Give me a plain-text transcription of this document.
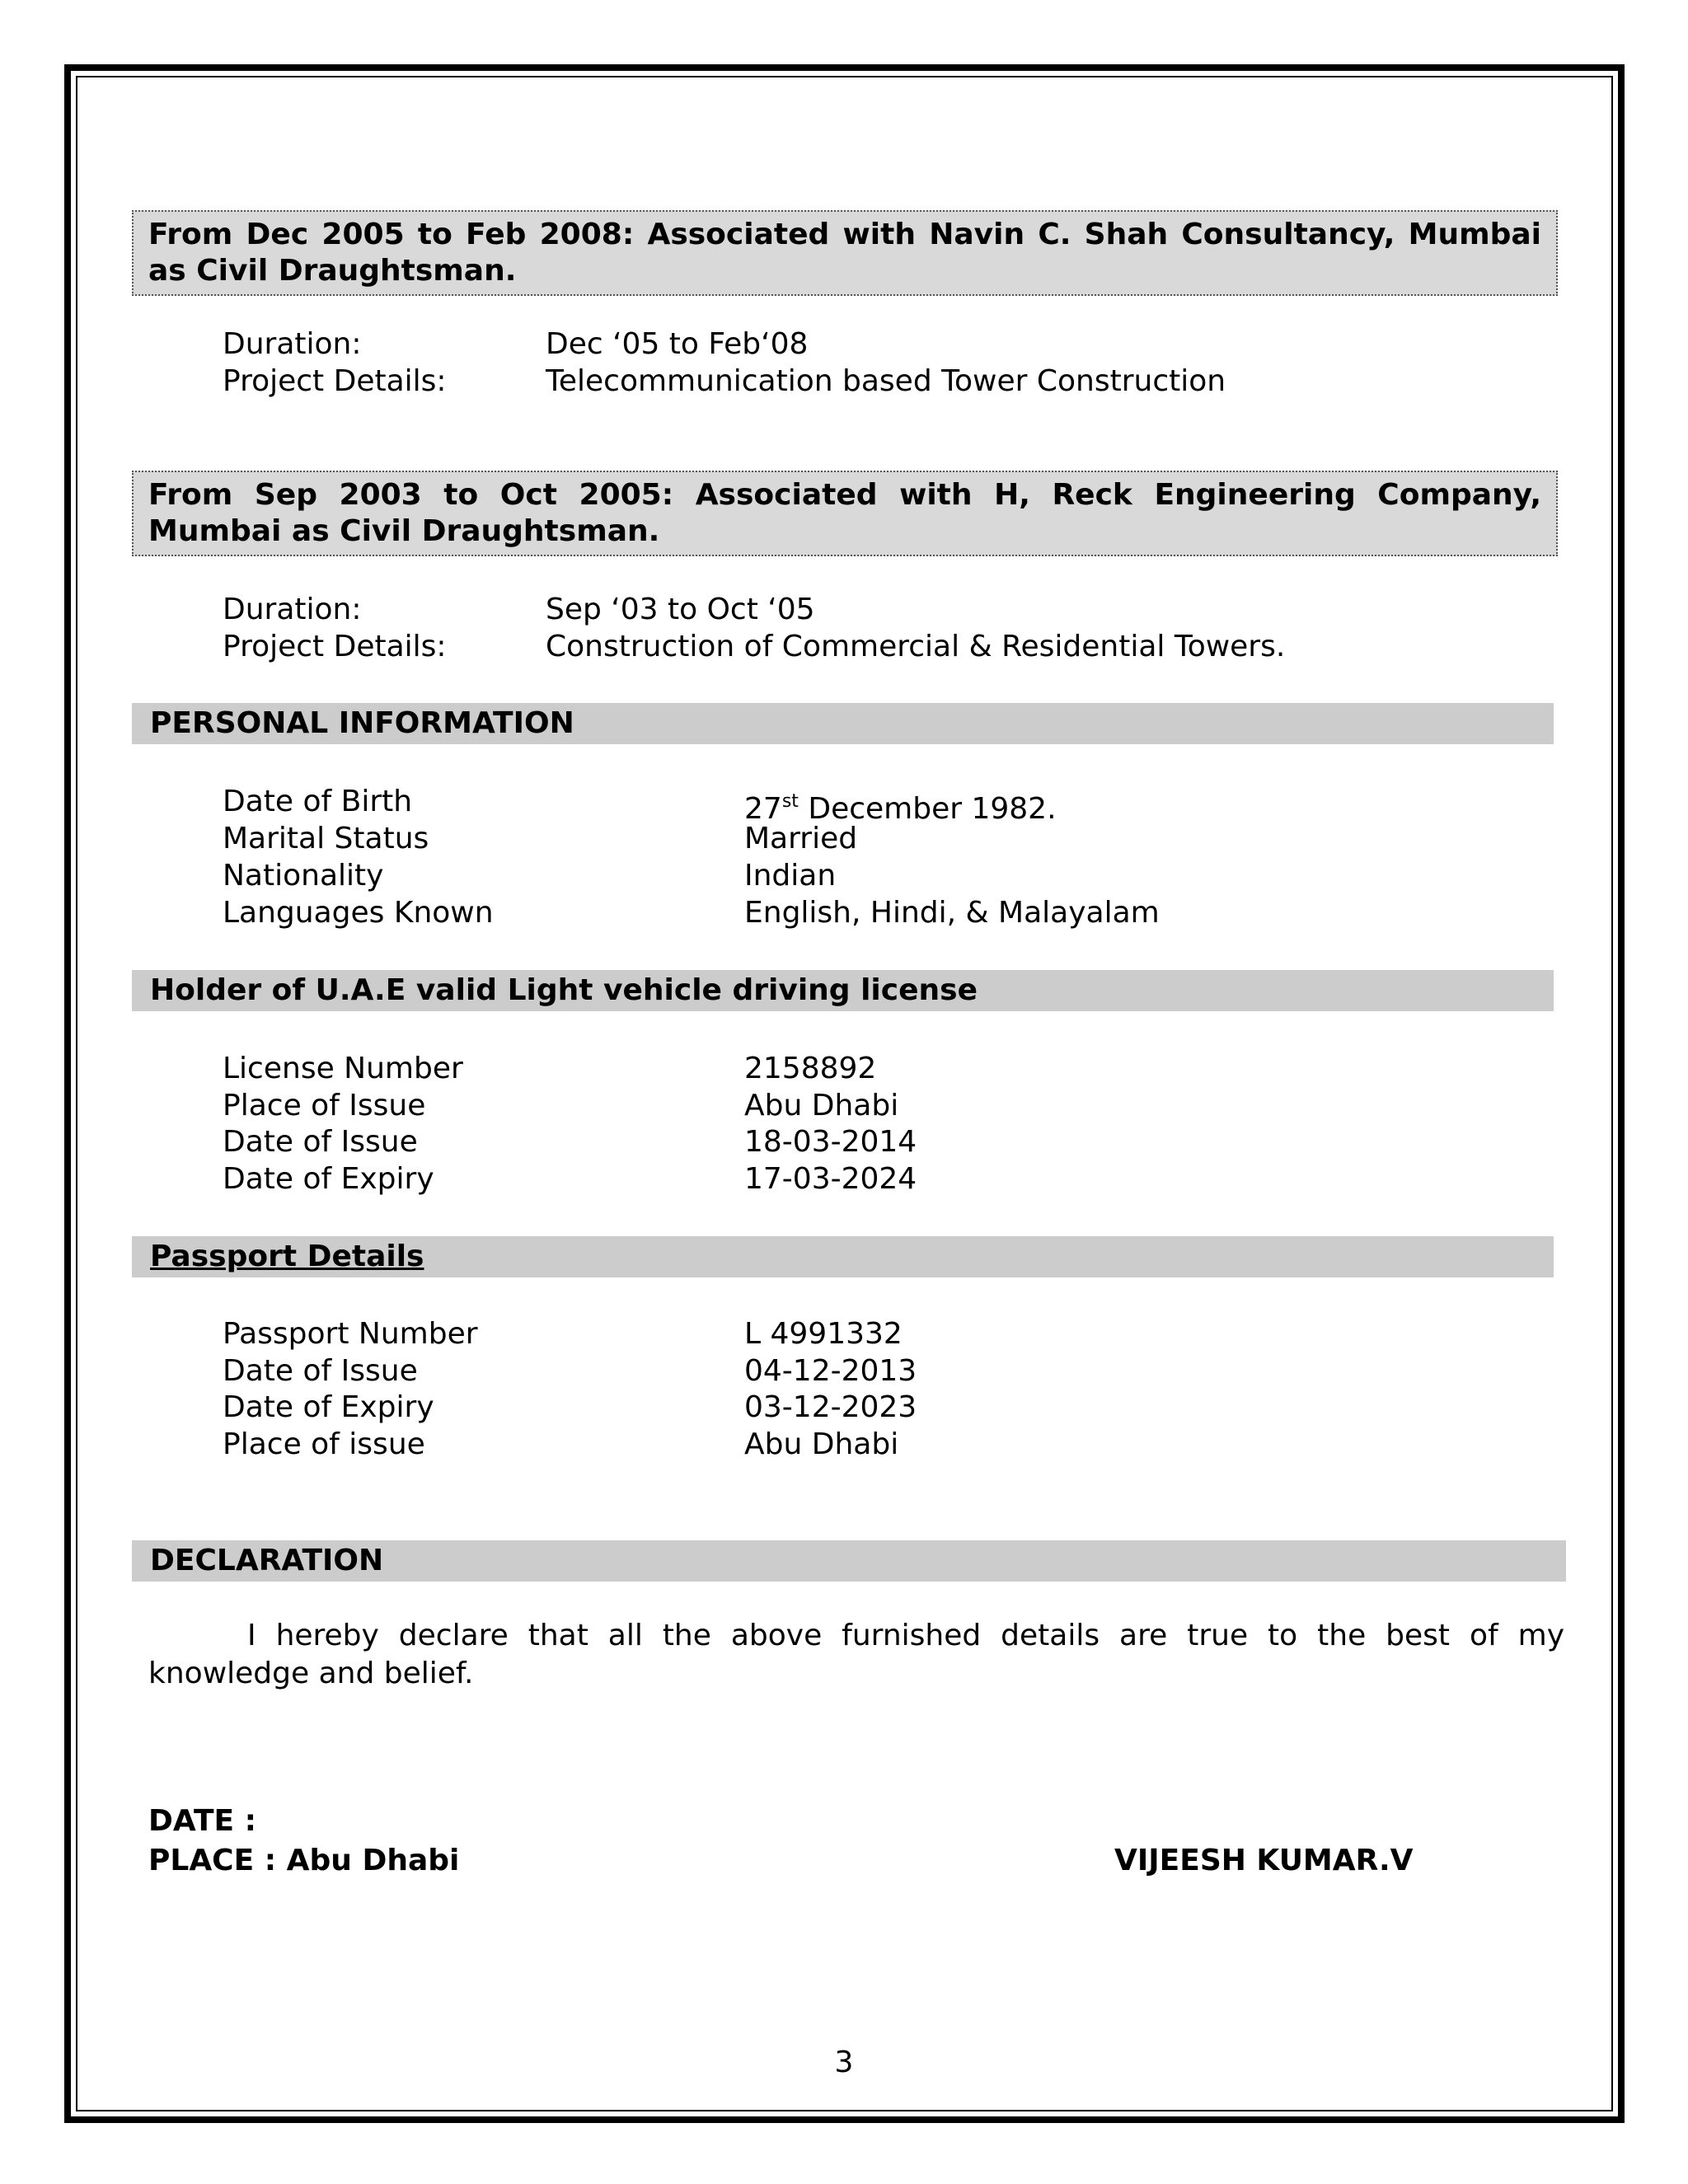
From Dec 2005 to Feb 2008: Associated with Navin C. Shah Consultancy, Mumbai
as Civil Draughtsman.
Duration:	Dec ‘05 to Feb‘08
Project Details:	Telecommunication based Tower Construction
From Sep 2003 to Oct 2005: Associated with H, Reck Engineering Company,
Mumbai as Civil Draughtsman.
Duration:	Sep ‘03 to Oct ‘05
Project Details:	Construction of Commercial & Residential Towers.
PERSONAL INFORMATION
Date of Birth	27st December 1982.
Marital Status	Married
Nationality	Indian
Languages Known	English, Hindi, & Malayalam
Holder of U.A.E valid Light vehicle driving license
License Number	2158892
Place of Issue	Abu Dhabi
Date of Issue	18-03-2014
Date of Expiry	17-03-2024
Passport Details
Passport Number	L 4991332
Date of Issue	04-12-2013
Date of Expiry	03-12-2023
Place of issue	Abu Dhabi
DECLARATION
I hereby declare that all the above furnished details are true to the best of my knowledge and belief.
DATE :
PLACE : Abu Dhabi	VIJEESH KUMAR.V
3
